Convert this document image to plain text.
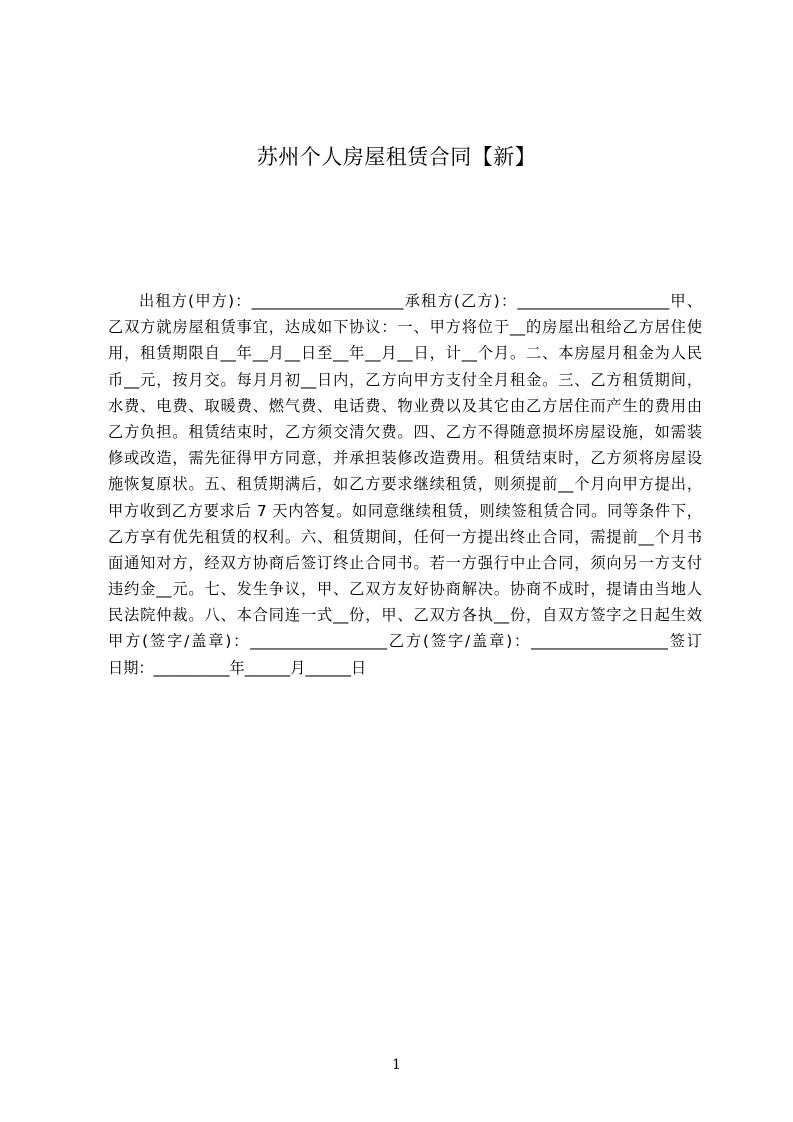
苏州个人房屋租赁合同【新】
出租方(甲方)：____________________承租方(乙方)：____________________甲、
乙双方就房屋租赁事宜，达成如下协议：一、甲方将位于__的房屋出租给乙方居住使
用，租赁期限自__年__月__日至__年__月__日，计__个月。二、本房屋月租金为人民
币__元，按月交。每月月初__日内，乙方向甲方支付全月租金。三、乙方租赁期间，
水费、电费、取暖费、燃气费、电话费、物业费以及其它由乙方居住而产生的费用由
乙方负担。租赁结束时，乙方须交清欠费。四、乙方不得随意损坏房屋设施，如需装
修或改造，需先征得甲方同意，并承担装修改造费用。租赁结束时，乙方须将房屋设
施恢复原状。五、租赁期满后，如乙方要求继续租赁，则须提前__个月向甲方提出，
甲方收到乙方要求后 7 天内答复。如同意继续租赁，则续签租赁合同。同等条件下，
乙方享有优先租赁的权利。六、租赁期间，任何一方提出终止合同，需提前__个月书
面通知对方，经双方协商后签订终止合同书。若一方强行中止合同，须向另一方支付
违约金__元。七、发生争议，甲、乙双方友好协商解决。协商不成时，提请由当地人
民法院仲裁。八、本合同连一式__份，甲、乙双方各执__份，自双方签字之日起生效
甲方(签字/盖章)：__________________乙方(签字/盖章)：__________________签订
日期：__________年______月______日
1
